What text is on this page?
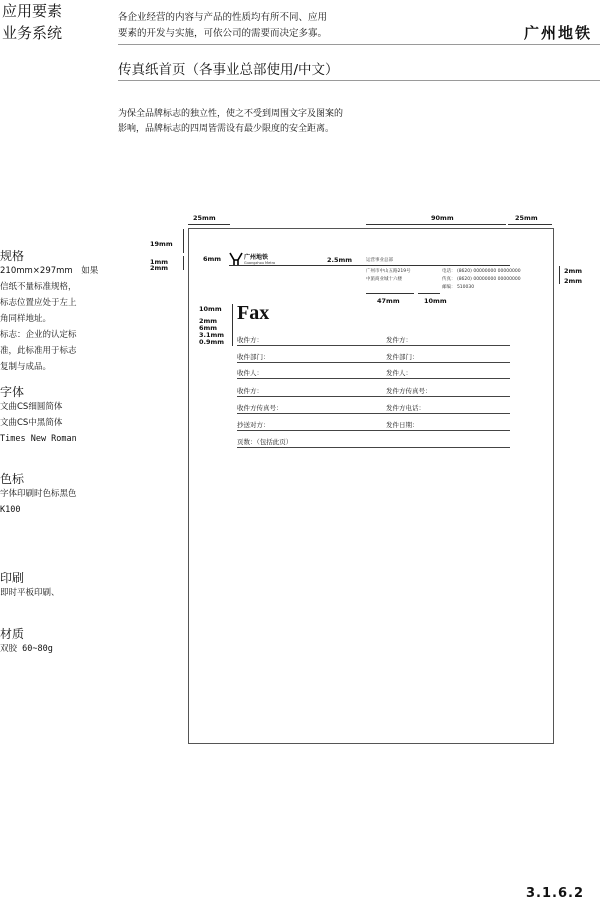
应用要素
业务系统
各企业经营的内容与产品的性质均有所不同、应用
要素的开发与实施，可依公司的需要而决定多寡。	广州地铁
传真纸首页（各事业总部使用/中文）
为保全品牌标志的独立性，使之不受到周围文字及图案的
影响，品牌标志的四周皆需设有最少限度的安全距离。
规格
210mm×297mm　如果
信纸不量标准规格，
标志位置应处于左上
角同样地址。
标志：企业的认定标
准，此标准用于标志
复制与成品。
字体
文曲CS细圆简体
文曲CS中黑简体
Times New Roman
色标
字体印刷时色标黑色
K100
印刷
即时平板印刷、
材质
双胶 60~80g
25mm	90mm	25mm
19mm
1mm
2mm
6mm	广州地铁
Guangzhou Metro	2.5mm	运营事业总部
2mm
2mm
广州市中山五路219号
中旅商业城十六楼
电话： (8620) 00000000 00000000
传真： (8620) 00000000 00000000
邮编： 510030
47mm	10mm
10mm
2mm
6mm
3.1mm
0.9mm
Fax
收件方：	发件方：
收件部门：	发件部门：
收件人：	发件人：
收件方：	发件方传真号：
收件方传真号：	发件方电话：
抄送对方：	发件日期：
页数：（包括此页）
3.1.6.2
